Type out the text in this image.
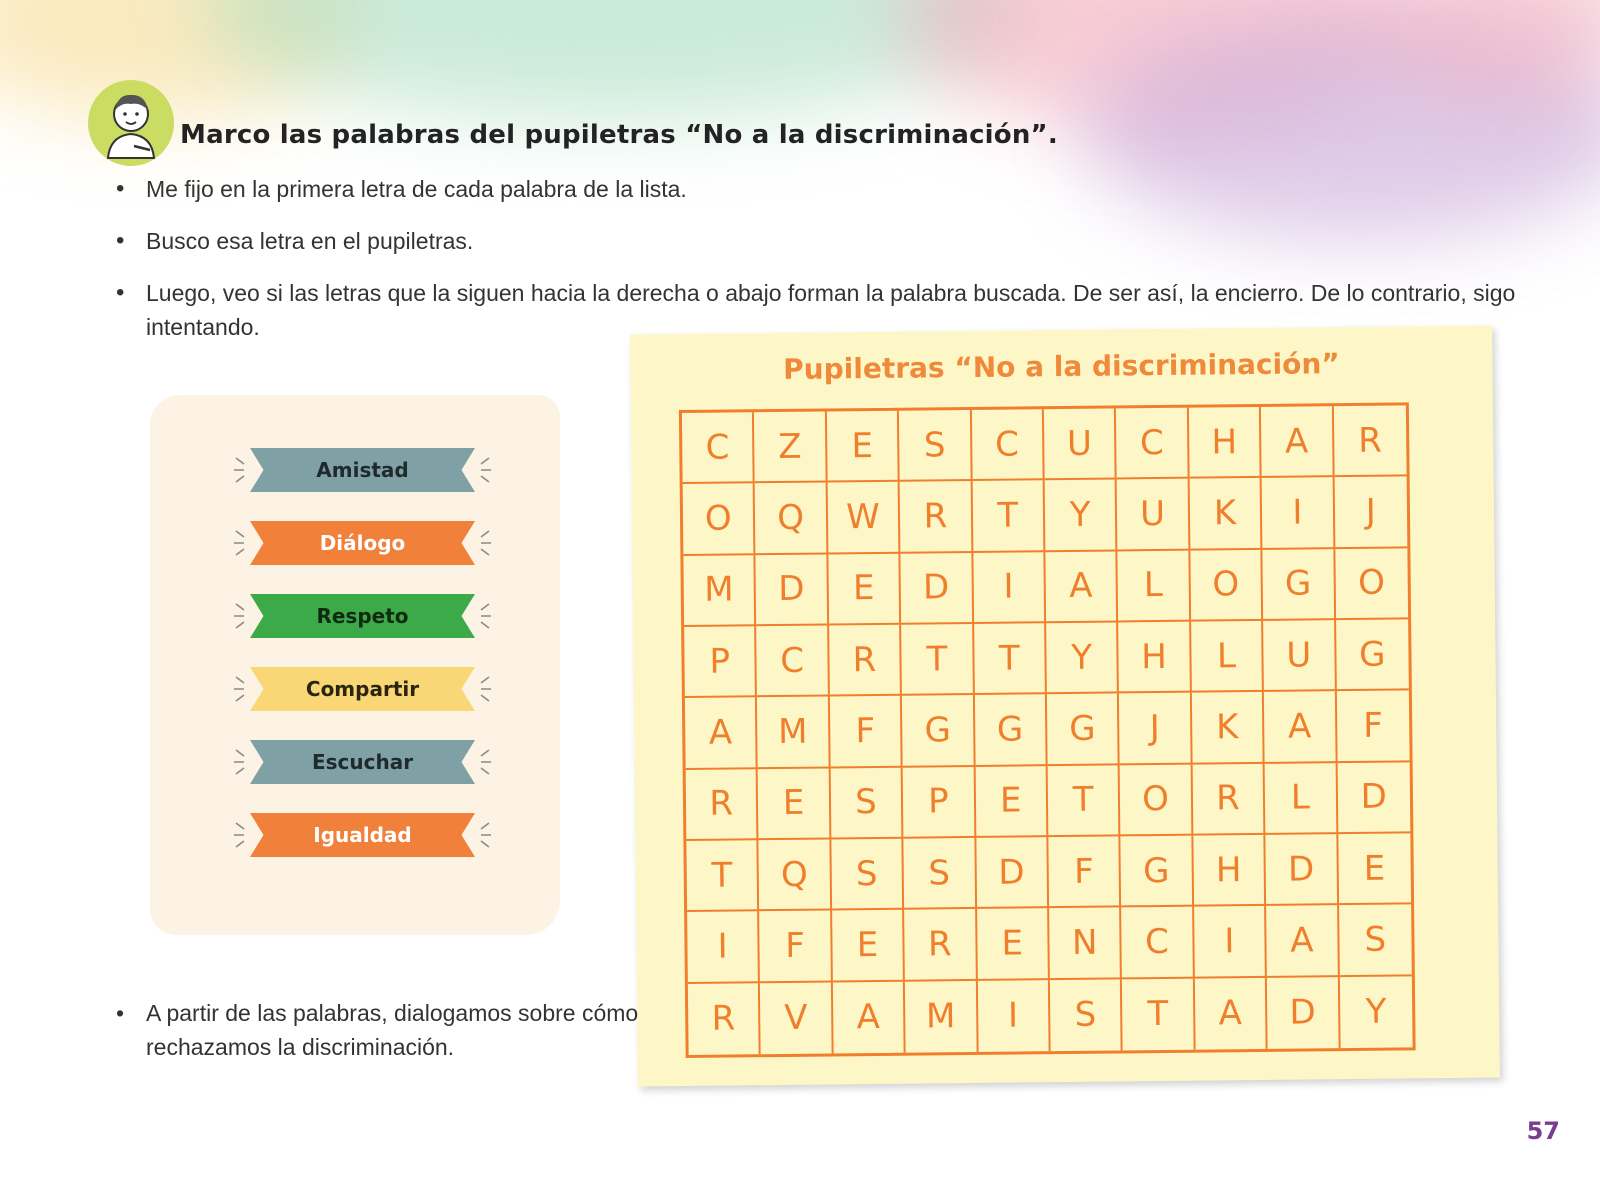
Marco las palabras del pupiletras “No a la discriminación”.
• Me fijo en la primera letra de cada palabra de la lista.
• Busco esa letra en el pupiletras.
• Luego, veo si las letras que la siguen hacia la derecha o abajo forman la palabra buscada. De ser así, la encierro. De lo contrario, sigo intentando.
Amistad
Diálogo
Respeto
Compartir
Escuchar
Igualdad
Pupiletras “No a la discriminación”
C	Z	E	S	C	U	C	H	A	R
O	Q	W	R	T	Y	U	K	I	J
M	D	E	D	I	A	L	O	G	O
P	C	R	T	T	Y	H	L	U	G
A	M	F	G	G	G	J	K	A	F
R	E	S	P	E	T	O	R	L	D
T	Q	S	S	D	F	G	H	D	E
I	F	E	R	E	N	C	I	A	S
R	V	A	M	I	S	T	A	D	Y
• A partir de las palabras, dialogamos sobre cómo rechazamos la discriminación.
57
